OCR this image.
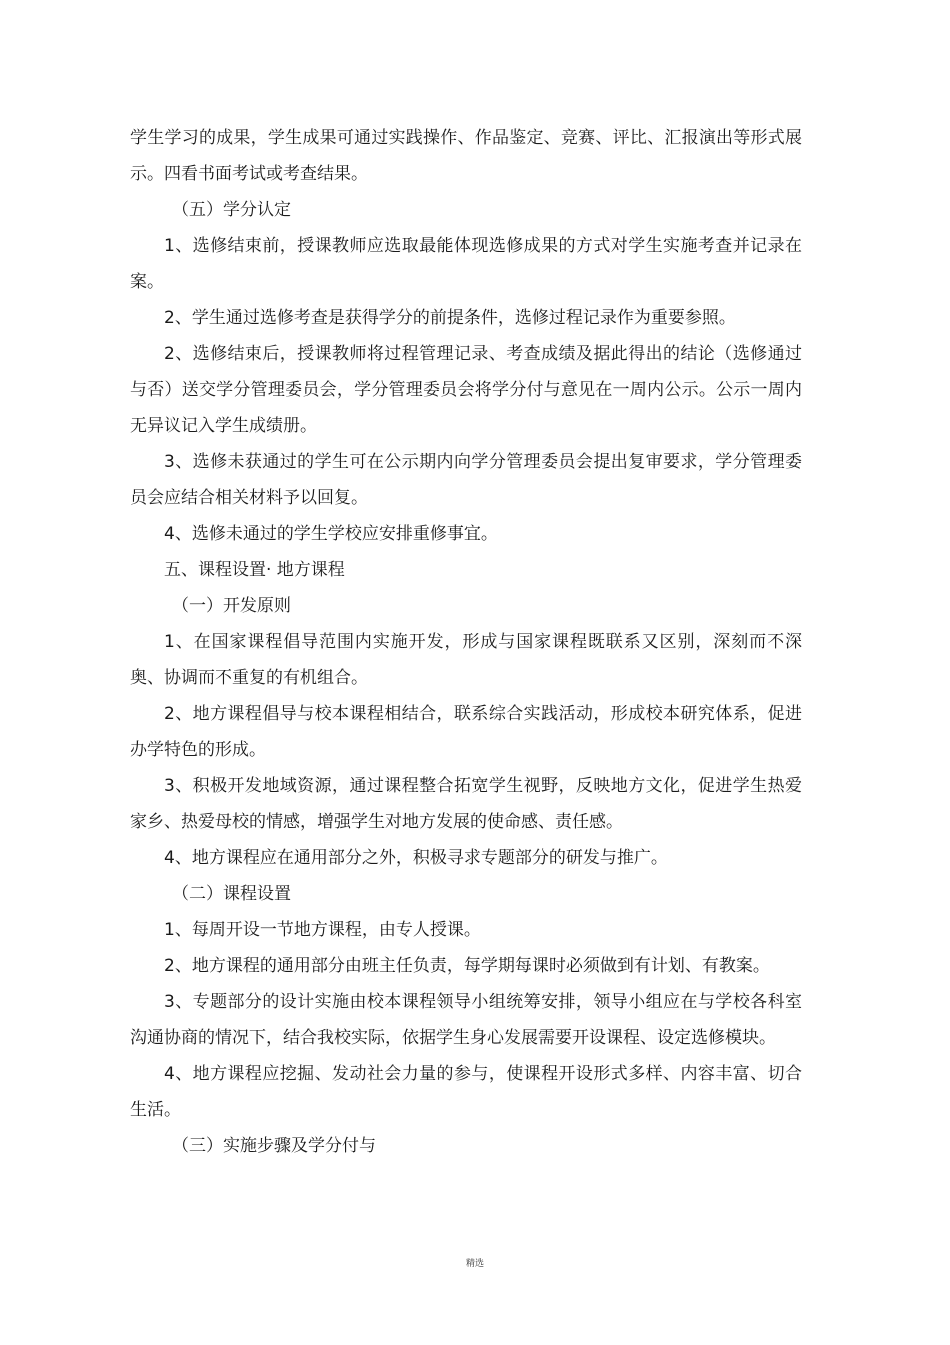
学生学习的成果，学生成果可通过实践操作、作品鉴定、竞赛、评比、汇报演出等形式展示。四看书面考试或考查结果。

（五）学分认定

1、选修结束前，授课教师应选取最能体现选修成果的方式对学生实施考查并记录在案。

2、学生通过选修考查是获得学分的前提条件，选修过程记录作为重要参照。

2、选修结束后，授课教师将过程管理记录、考查成绩及据此得出的结论（选修通过与否）送交学分管理委员会，学分管理委员会将学分付与意见在一周内公示。公示一周内无异议记入学生成绩册。

3、选修未获通过的学生可在公示期内向学分管理委员会提出复审要求，学分管理委员会应结合相关材料予以回复。

4、选修未通过的学生学校应安排重修事宜。

五、课程设置· 地方课程

（一）开发原则

1、在国家课程倡导范围内实施开发，形成与国家课程既联系又区别，深刻而不深奥、协调而不重复的有机组合。

2、地方课程倡导与校本课程相结合，联系综合实践活动，形成校本研究体系，促进办学特色的形成。

3、积极开发地域资源，通过课程整合拓宽学生视野，反映地方文化，促进学生热爱家乡、热爱母校的情感，增强学生对地方发展的使命感、责任感。

4、地方课程应在通用部分之外，积极寻求专题部分的研发与推广。

（二）课程设置

1、每周开设一节地方课程，由专人授课。

2、地方课程的通用部分由班主任负责，每学期每课时必须做到有计划、有教案。

3、专题部分的设计实施由校本课程领导小组统筹安排，领导小组应在与学校各科室沟通协商的情况下，结合我校实际，依据学生身心发展需要开设课程、设定选修模块。

4、地方课程应挖掘、发动社会力量的参与，使课程开设形式多样、内容丰富、切合生活。

（三）实施步骤及学分付与

精选
